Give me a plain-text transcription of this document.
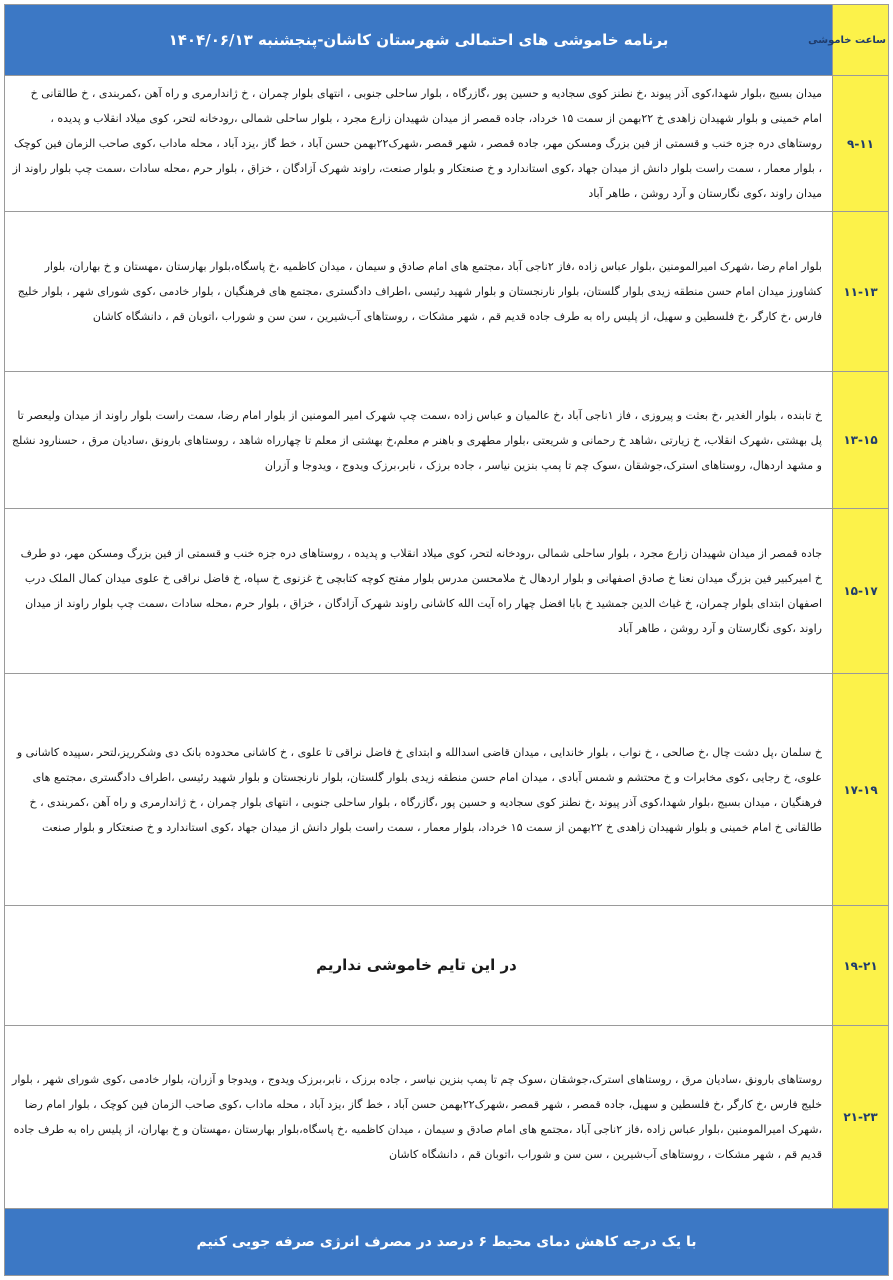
برنامه خاموشی های احتمالی شهرستان کاشان-پنجشنبه ۱۴۰۴/۰۶/۱۳	ساعت خاموشی

میدان بسیج ،بلوار شهدا،کوی آذر پیوند ،خ نطنز کوی سجادیه و حسین پور ،گازرگاه ، بلوار ساحلی جنوبی ، انتهای بلوار چمران ، خ ژاندارمری و راه آهن ،کمربندی ، خ طالقانی خ امام خمینی و بلوار شهیدان زاهدی خ ۲۲بهمن از سمت ۱۵ خرداد، جاده قمصر از میدان شهیدان زارع مجرد ، بلوار ساحلی شمالی ،رودخانه لتحر، کوی میلاد انقلاب و پدیده ، روستاهای دره جزه خنب و قسمتی از فین بزرگ ومسکن مهر، جاده قمصر ، شهر قمصر ،شهرک۲۲بهمن حسن آباد ، خط گاز ،یزد آباد ، محله ماداب ،کوی صاحب الزمان فین کوچک ، بلوار معمار ، سمت راست بلوار دانش از میدان جهاد ،کوی استاندارد و خ صنعتکار و بلوار صنعت، راوند شهرک آزادگان ، خزاق ، بلوار حرم ،محله سادات ،سمت چپ بلوار راوند از میدان راوند ،کوی نگارستان و آرد روشن ، طاهر آباد

۹-۱۱

بلوار امام رضا ،شهرک امیرالمومنین ،بلوار عباس زاده ،فاز ۲ناجی آباد ،مجتمع های امام صادق و سیمان ، میدان کاظمیه ،خ پاسگاه،بلوار بهارستان ،مهستان و خ بهاران، بلوار کشاورز میدان امام حسن منطقه زیدی بلوار گلستان، بلوار نارنجستان و بلوار شهید رئیسی ،اطراف دادگستری ،مجتمع های فرهنگیان ، بلوار خادمی ،کوی شورای شهر ، بلوار خلیج فارس ،خ کارگر ،خ فلسطین و سهیل، از پلیس راه به طرف جاده قدیم قم ، شهر مشکات ، روستاهای آب‌شیرین ، سن سن و شوراب ،اتوبان قم ، دانشگاه کاشان

۱۱-۱۳

خ تابنده ، بلوار الغدیر ،خ بعثت و پیروزی ، فاز ۱ناجی آباد ،خ عالمیان و عباس زاده ،سمت چپ شهرک امیر المومنین از بلوار امام رضا، سمت راست بلوار راوند از میدان ولیعصر تا پل بهشتی ،شهرک انقلاب، خ زیارتی ،شاهد خ رحمانی و شریعتی ،بلوار مطهری و باهنر م معلم،خ بهشتی از معلم تا چهارراه شاهد ، روستاهای بارونق ،سادیان مرق ، حسنارود نشلج و مشهد اردهال، روستاهای استرک،جوشقان ،سوک چم تا پمپ بنزین نیاسر ، جاده برزک ، نابر،برزک ویدوج ، ویدوجا و آزران

۱۳-۱۵

جاده قمصر از میدان شهیدان زارع مجرد ، بلوار ساحلی شمالی ،رودخانه لتحر، کوی میلاد انقلاب و پدیده ، روستاهای دره جزه خنب و قسمتی از فین بزرگ ومسکن مهر، دو طرف خ امیرکبیر فین بزرگ میدان نعنا خ صادق اصفهانی و بلوار اردهال خ ملامحسن مدرس بلوار مفتح کوچه کتابچی خ غزنوی خ سپاه، خ فاضل نراقی خ علوی میدان کمال الملک درب اصفهان ابتدای بلوار چمران، خ غیاث الدین جمشید خ بابا افضل چهار راه آیت الله کاشانی راوند شهرک آزادگان ، خزاق ، بلوار حرم ،محله سادات ،سمت چپ بلوار راوند از میدان راوند ،کوی نگارستان و آرد روشن ، طاهر آباد

۱۵-۱۷

خ سلمان ،پل دشت چال ،خ صالحی ، خ نواب ، بلوار خاندایی ، میدان قاضی اسدالله و ابتدای خ فاضل نراقی تا علوی ، خ کاشانی محدوده بانک دی وشکرریز،لتحر ،سپیده کاشانی و علوی، خ رجایی ،کوی مخابرات و خ محتشم و شمس آبادی ، میدان امام حسن منطقه زیدی بلوار گلستان، بلوار نارنجستان و بلوار شهید رئیسی ،اطراف دادگستری ،مجتمع های فرهنگیان ، میدان بسیج ،بلوار شهدا،کوی آذر پیوند ،خ نطنز کوی سجادیه و حسین پور ،گازرگاه ، بلوار ساحلی جنوبی ، انتهای بلوار چمران ، خ ژاندارمری و راه آهن ،کمربندی ، خ طالقانی خ امام خمینی و بلوار شهیدان زاهدی خ ۲۲بهمن از سمت ۱۵ خرداد، بلوار معمار ، سمت راست بلوار دانش از میدان جهاد ،کوی استاندارد و خ صنعتکار و بلوار صنعت

۱۷-۱۹

در این تایم خاموشی نداریم	۱۹-۲۱

روستاهای بارونق ،سادیان مرق ، روستاهای استرک،جوشقان ،سوک چم تا پمپ بنزین نیاسر ، جاده برزک ، نابر،برزک ویدوج ، ویدوجا و آزران، بلوار خادمی ،کوی شورای شهر ، بلوار خلیج فارس ،خ کارگر ،خ فلسطین و سهیل، جاده قمصر ، شهر قمصر ،شهرک۲۲بهمن حسن آباد ، خط گاز ،یزد آباد ، محله ماداب ،کوی صاحب الزمان فین کوچک ، بلوار امام رضا ،شهرک امیرالمومنین ،بلوار عباس زاده ،فاز ۲ناجی آباد ،مجتمع های امام صادق و سیمان ، میدان کاظمیه ،خ پاسگاه،بلوار بهارستان ،مهستان و خ بهاران، از پلیس راه به طرف جاده قدیم قم ، شهر مشکات ، روستاهای آب‌شیرین ، سن سن و شوراب ،اتوبان قم ، دانشگاه کاشان

۲۱-۲۳
با یک درجه کاهش دمای محیط ۶ درصد در مصرف انرژی صرفه جویی کنیم
